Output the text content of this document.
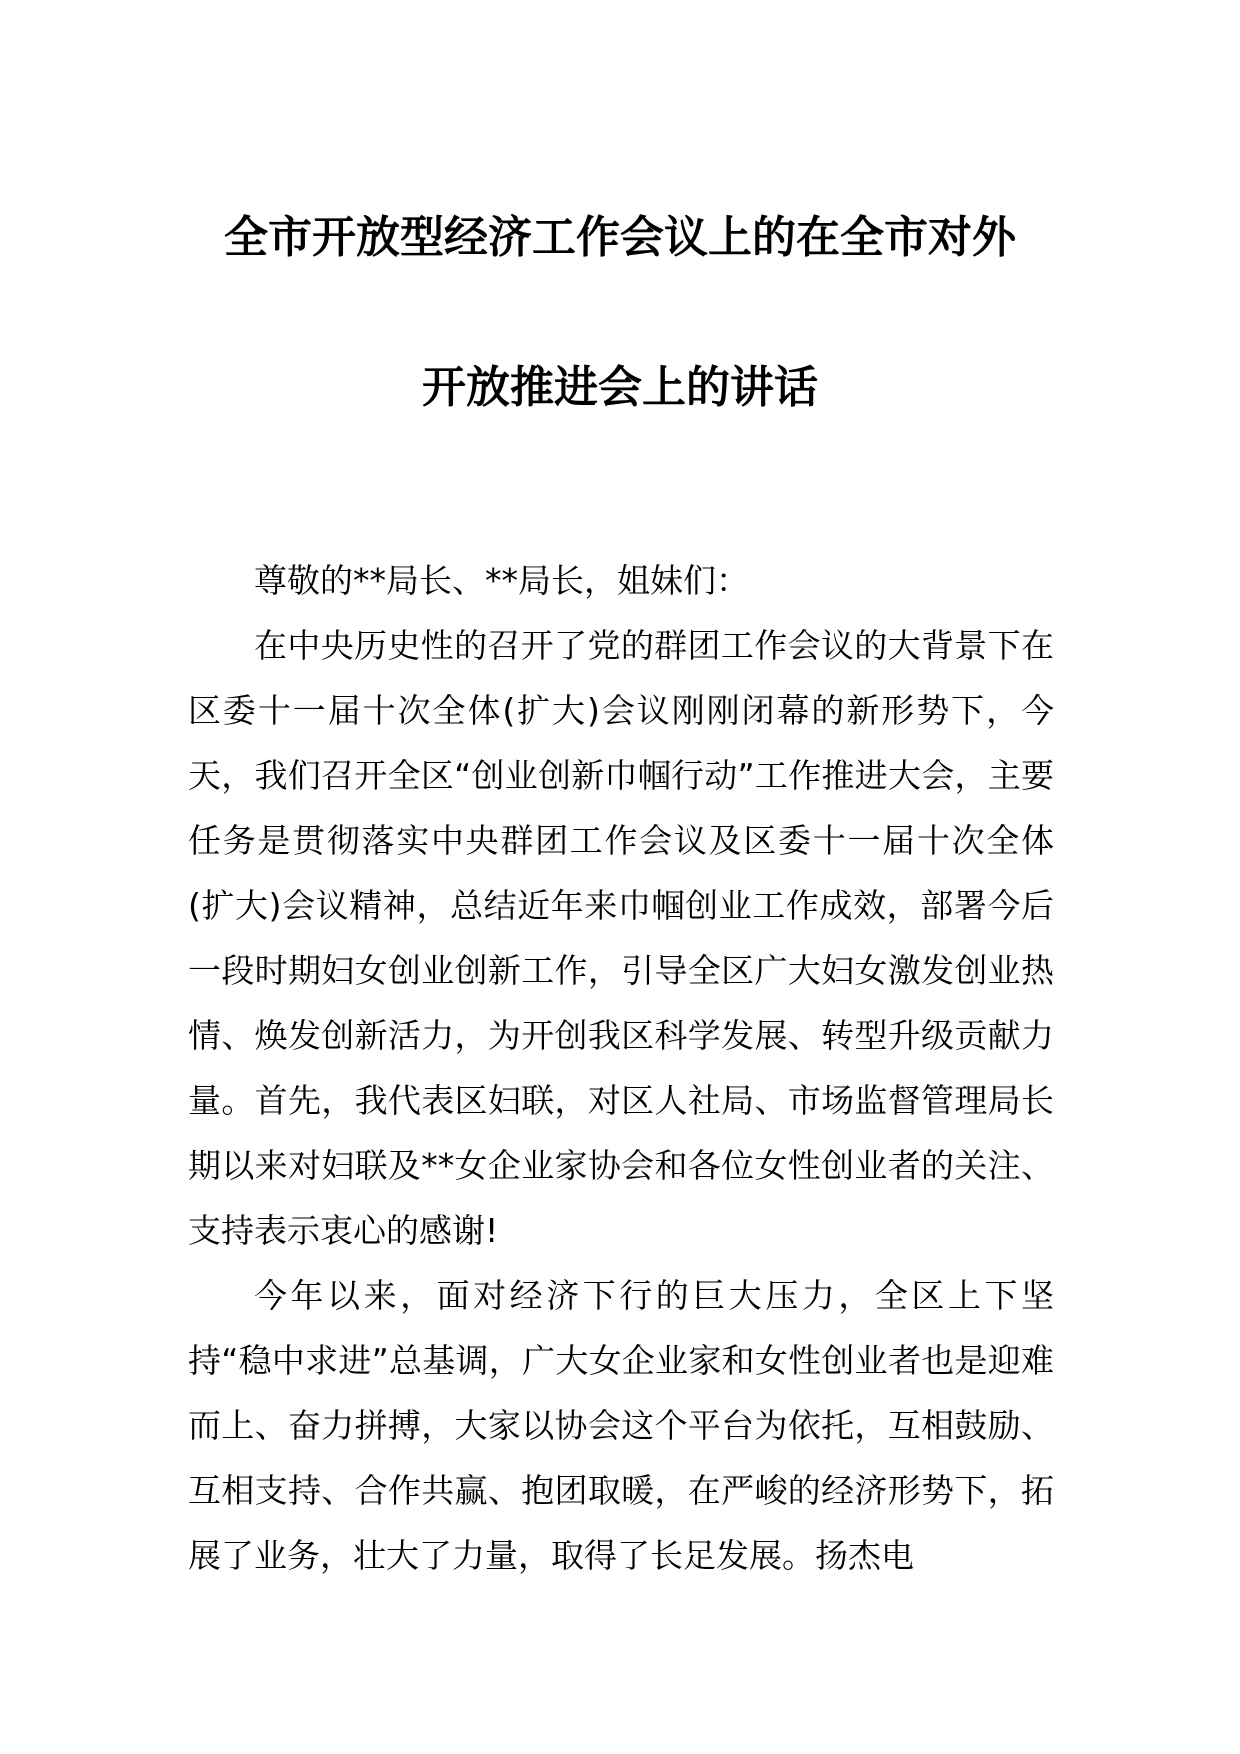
全市开放型经济工作会议上的在全市对外
开放推进会上的讲话

尊敬的**局长、**局长，姐妹们：

在中央历史性的召开了党的群团工作会议的大背景下在区委十一届十次全体(扩大)会议刚刚闭幕的新形势下，今天，我们召开全区“创业创新巾帼行动”工作推进大会，主要任务是贯彻落实中央群团工作会议及区委十一届十次全体(扩大)会议精神，总结近年来巾帼创业工作成效，部署今后一段时期妇女创业创新工作，引导全区广大妇女激发创业热情、焕发创新活力，为开创我区科学发展、转型升级贡献力量。首先，我代表区妇联，对区人社局、市场监督管理局长期以来对妇联及**女企业家协会和各位女性创业者的关注、支持表示衷心的感谢!

今年以来，面对经济下行的巨大压力，全区上下坚持“稳中求进”总基调，广大女企业家和女性创业者也是迎难而上、奋力拼搏，大家以协会这个平台为依托，互相鼓励、互相支持、合作共赢、抱团取暖，在严峻的经济形势下，拓展了业务，壮大了力量，取得了长足发展。扬杰电
